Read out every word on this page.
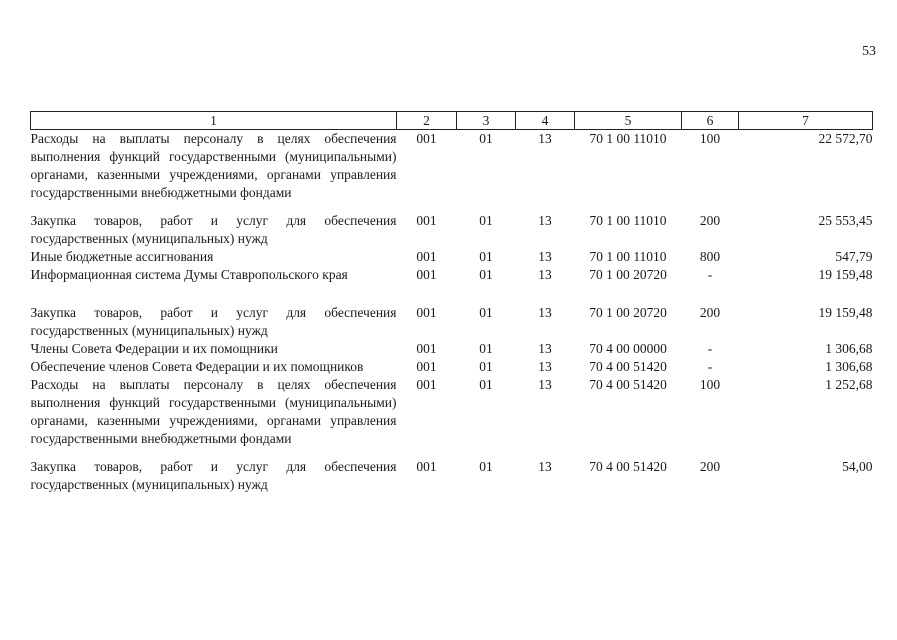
53
1	2	3	4	5	6	7
Расходы на выплаты персоналу в целях обеспечения выполнения функций государственными (муниципальными) органами, казенными учреждениями, органами управления государственными внебюджетными фондами	001	01	13	70 1 00 11010	100	22 572,70
Закупка товаров, работ и услуг для обеспечения государственных (муниципальных) нужд	001	01	13	70 1 00 11010	200	25 553,45
Иные бюджетные ассигнования	001	01	13	70 1 00 11010	800	547,79
Информационная система Думы Ставропольского края	001	01	13	70 1 00 20720	-	19 159,48
Закупка товаров, работ и услуг для обеспечения государственных (муниципальных) нужд	001	01	13	70 1 00 20720	200	19 159,48
Члены Совета Федерации и их помощники	001	01	13	70 4 00 00000	-	1 306,68
Обеспечение членов Совета Федерации и их помощников	001	01	13	70 4 00 51420	-	1 306,68
Расходы на выплаты персоналу в целях обеспечения выполнения функций государственными (муниципальными) органами, казенными учреждениями, органами управления государственными внебюджетными фондами	001	01	13	70 4 00 51420	100	1 252,68
Закупка товаров, работ и услуг для обеспечения государственных (муниципальных) нужд	001	01	13	70 4 00 51420	200	54,00
